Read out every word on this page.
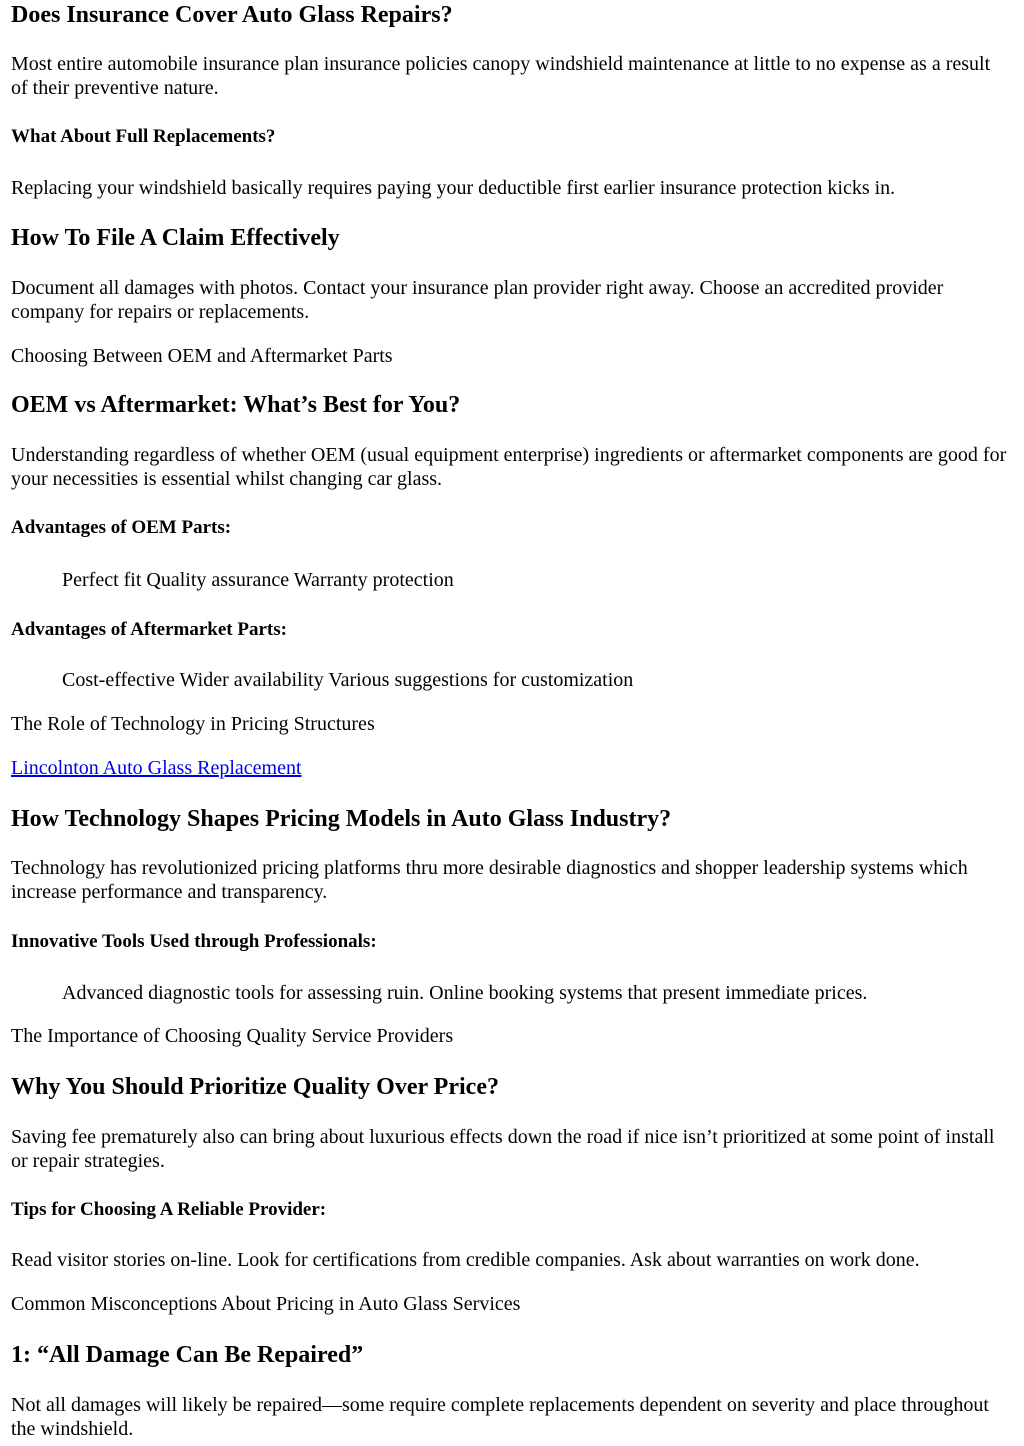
Does Insurance Cover Auto Glass Repairs?

Most entire automobile insurance plan insurance policies canopy windshield maintenance at little to no expense as a result of their preventive nature.

What About Full Replacements?

Replacing your windshield basically requires paying your deductible first earlier insurance protection kicks in.

How To File A Claim Effectively

Document all damages with photos. Contact your insurance plan provider right away. Choose an accredited provider company for repairs or replacements.

Choosing Between OEM and Aftermarket Parts

OEM vs Aftermarket: What’s Best for You?

Understanding regardless of whether OEM (usual equipment enterprise) ingredients or aftermarket components are good for your necessities is essential whilst changing car glass.

Advantages of OEM Parts:

Perfect fit Quality assurance Warranty protection

Advantages of Aftermarket Parts:

Cost-effective Wider availability Various suggestions for customization

The Role of Technology in Pricing Structures

Lincolnton Auto Glass Replacement
How Technology Shapes Pricing Models in Auto Glass Industry?

Technology has revolutionized pricing platforms thru more desirable diagnostics and shopper leadership systems which increase performance and transparency.

Innovative Tools Used through Professionals:

Advanced diagnostic tools for assessing ruin. Online booking systems that present immediate prices.

The Importance of Choosing Quality Service Providers

Why You Should Prioritize Quality Over Price?

Saving fee prematurely also can bring about luxurious effects down the road if nice isn’t prioritized at some point of install or repair strategies.

Tips for Choosing A Reliable Provider:

Read visitor stories on-line. Look for certifications from credible companies. Ask about warranties on work done.

Common Misconceptions About Pricing in Auto Glass Services

1: “All Damage Can Be Repaired”

Not all damages will likely be repaired—some require complete replacements dependent on severity and place throughout the windshield.
